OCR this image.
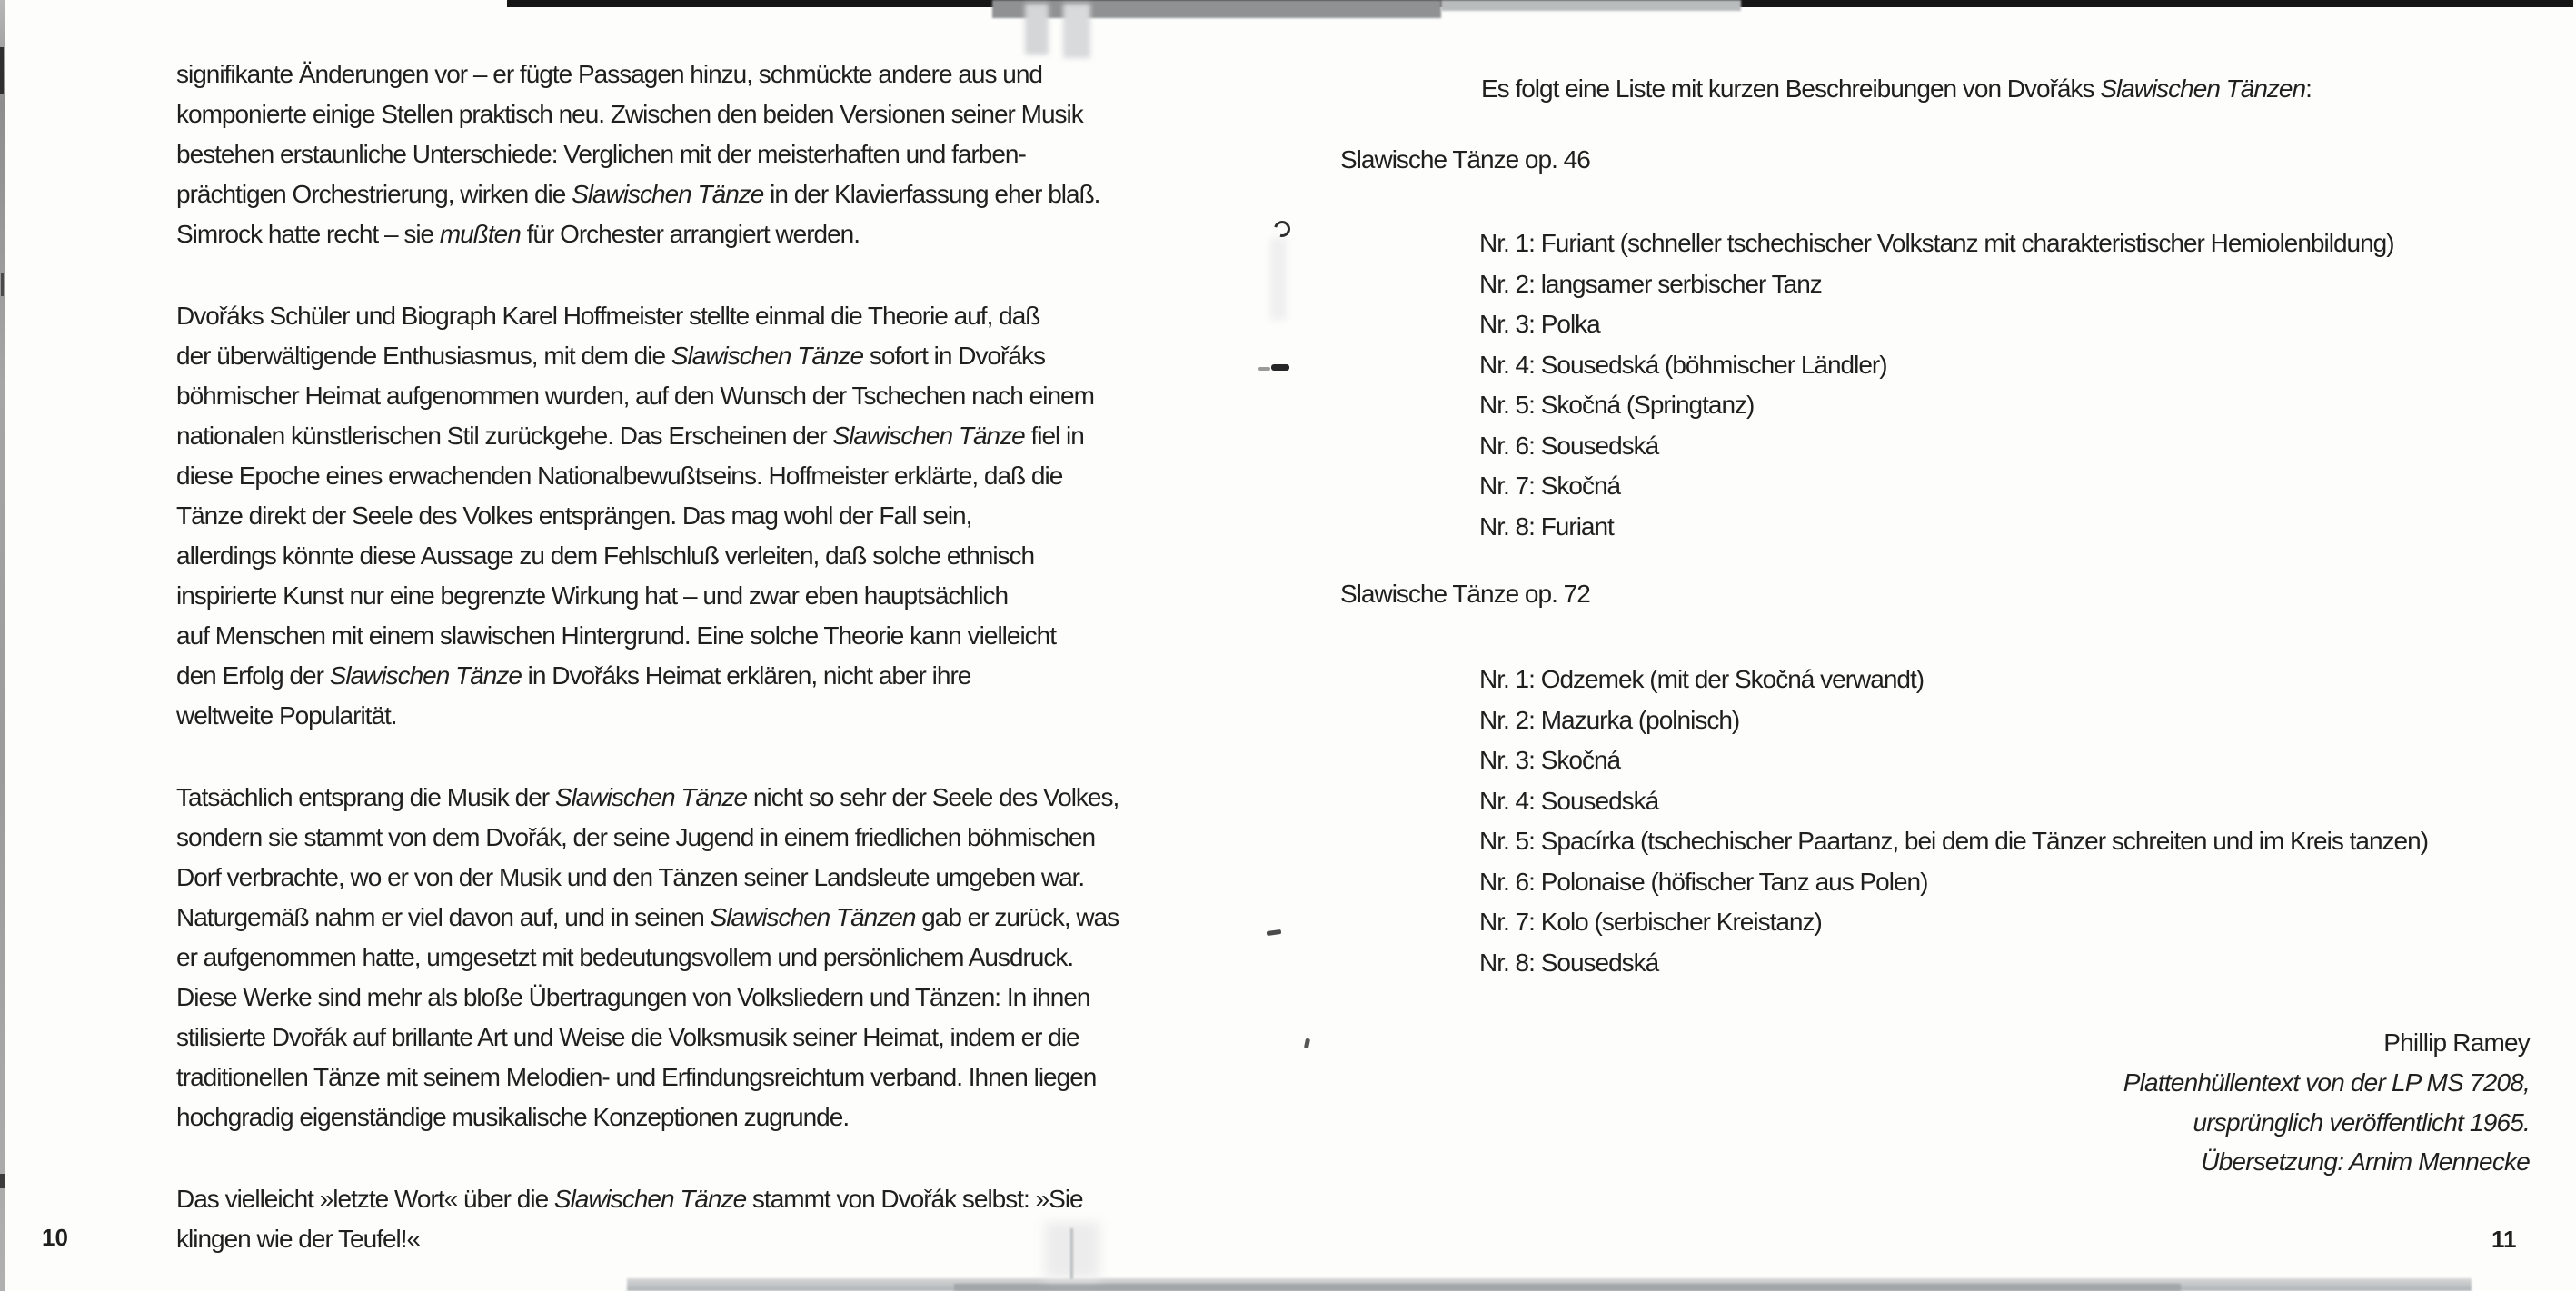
signifikante Änderungen vor – er fügte Passagen hinzu, schmückte andere aus und
komponierte einige Stellen praktisch neu. Zwischen den beiden Versionen seiner Musik
bestehen erstaunliche Unterschiede: Verglichen mit der meisterhaften und farben-
prächtigen Orchestrierung, wirken die Slawischen Tänze in der Klavierfassung eher blaß.
Simrock hatte recht – sie mußten für Orchester arrangiert werden.
Dvořáks Schüler und Biograph Karel Hoffmeister stellte einmal die Theorie auf, daß
der überwältigende Enthusiasmus, mit dem die Slawischen Tänze sofort in Dvořáks
böhmischer Heimat aufgenommen wurden, auf den Wunsch der Tschechen nach einem
nationalen künstlerischen Stil zurückgehe. Das Erscheinen der Slawischen Tänze fiel in
diese Epoche eines erwachenden Nationalbewußtseins. Hoffmeister erklärte, daß die
Tänze direkt der Seele des Volkes entsprängen. Das mag wohl der Fall sein,
allerdings könnte diese Aussage zu dem Fehlschluß verleiten, daß solche ethnisch
inspirierte Kunst nur eine begrenzte Wirkung hat – und zwar eben hauptsächlich
auf Menschen mit einem slawischen Hintergrund. Eine solche Theorie kann vielleicht
den Erfolg der Slawischen Tänze in Dvořáks Heimat erklären, nicht aber ihre
weltweite Popularität.
Tatsächlich entsprang die Musik der Slawischen Tänze nicht so sehr der Seele des Volkes,
sondern sie stammt von dem Dvořák, der seine Jugend in einem friedlichen böhmischen
Dorf verbrachte, wo er von der Musik und den Tänzen seiner Landsleute umgeben war.
Naturgemäß nahm er viel davon auf, und in seinen Slawischen Tänzen gab er zurück, was
er aufgenommen hatte, umgesetzt mit bedeutungsvollem und persönlichem Ausdruck.
Diese Werke sind mehr als bloße Übertragungen von Volksliedern und Tänzen: In ihnen
stilisierte Dvořák auf brillante Art und Weise die Volksmusik seiner Heimat, indem er die
traditionellen Tänze mit seinem Melodien- und Erfindungsreichtum verband. Ihnen liegen
hochgradig eigenständige musikalische Konzeptionen zugrunde.
Das vielleicht »letzte Wort« über die Slawischen Tänze stammt von Dvořák selbst: »Sie
klingen wie der Teufel!«
10
Es folgt eine Liste mit kurzen Beschreibungen von Dvořáks Slawischen Tänzen:
Slawische Tänze op. 46
Nr. 1: Furiant (schneller tschechischer Volkstanz mit charakteristischer Hemiolenbildung)
Nr. 2: langsamer serbischer Tanz
Nr. 3: Polka
Nr. 4: Sousedská (böhmischer Ländler)
Nr. 5: Skočná (Springtanz)
Nr. 6: Sousedská
Nr. 7: Skočná
Nr. 8: Furiant
Slawische Tänze op. 72
Nr. 1: Odzemek (mit der Skočná verwandt)
Nr. 2: Mazurka (polnisch)
Nr. 3: Skočná
Nr. 4: Sousedská
Nr. 5: Spacírka (tschechischer Paartanz, bei dem die Tänzer schreiten und im Kreis tanzen)
Nr. 6: Polonaise (höfischer Tanz aus Polen)
Nr. 7: Kolo (serbischer Kreistanz)
Nr. 8: Sousedská
Phillip Ramey
Plattenhüllentext von der LP MS 7208,
ursprünglich veröffentlicht 1965.
Übersetzung: Arnim Mennecke
11
